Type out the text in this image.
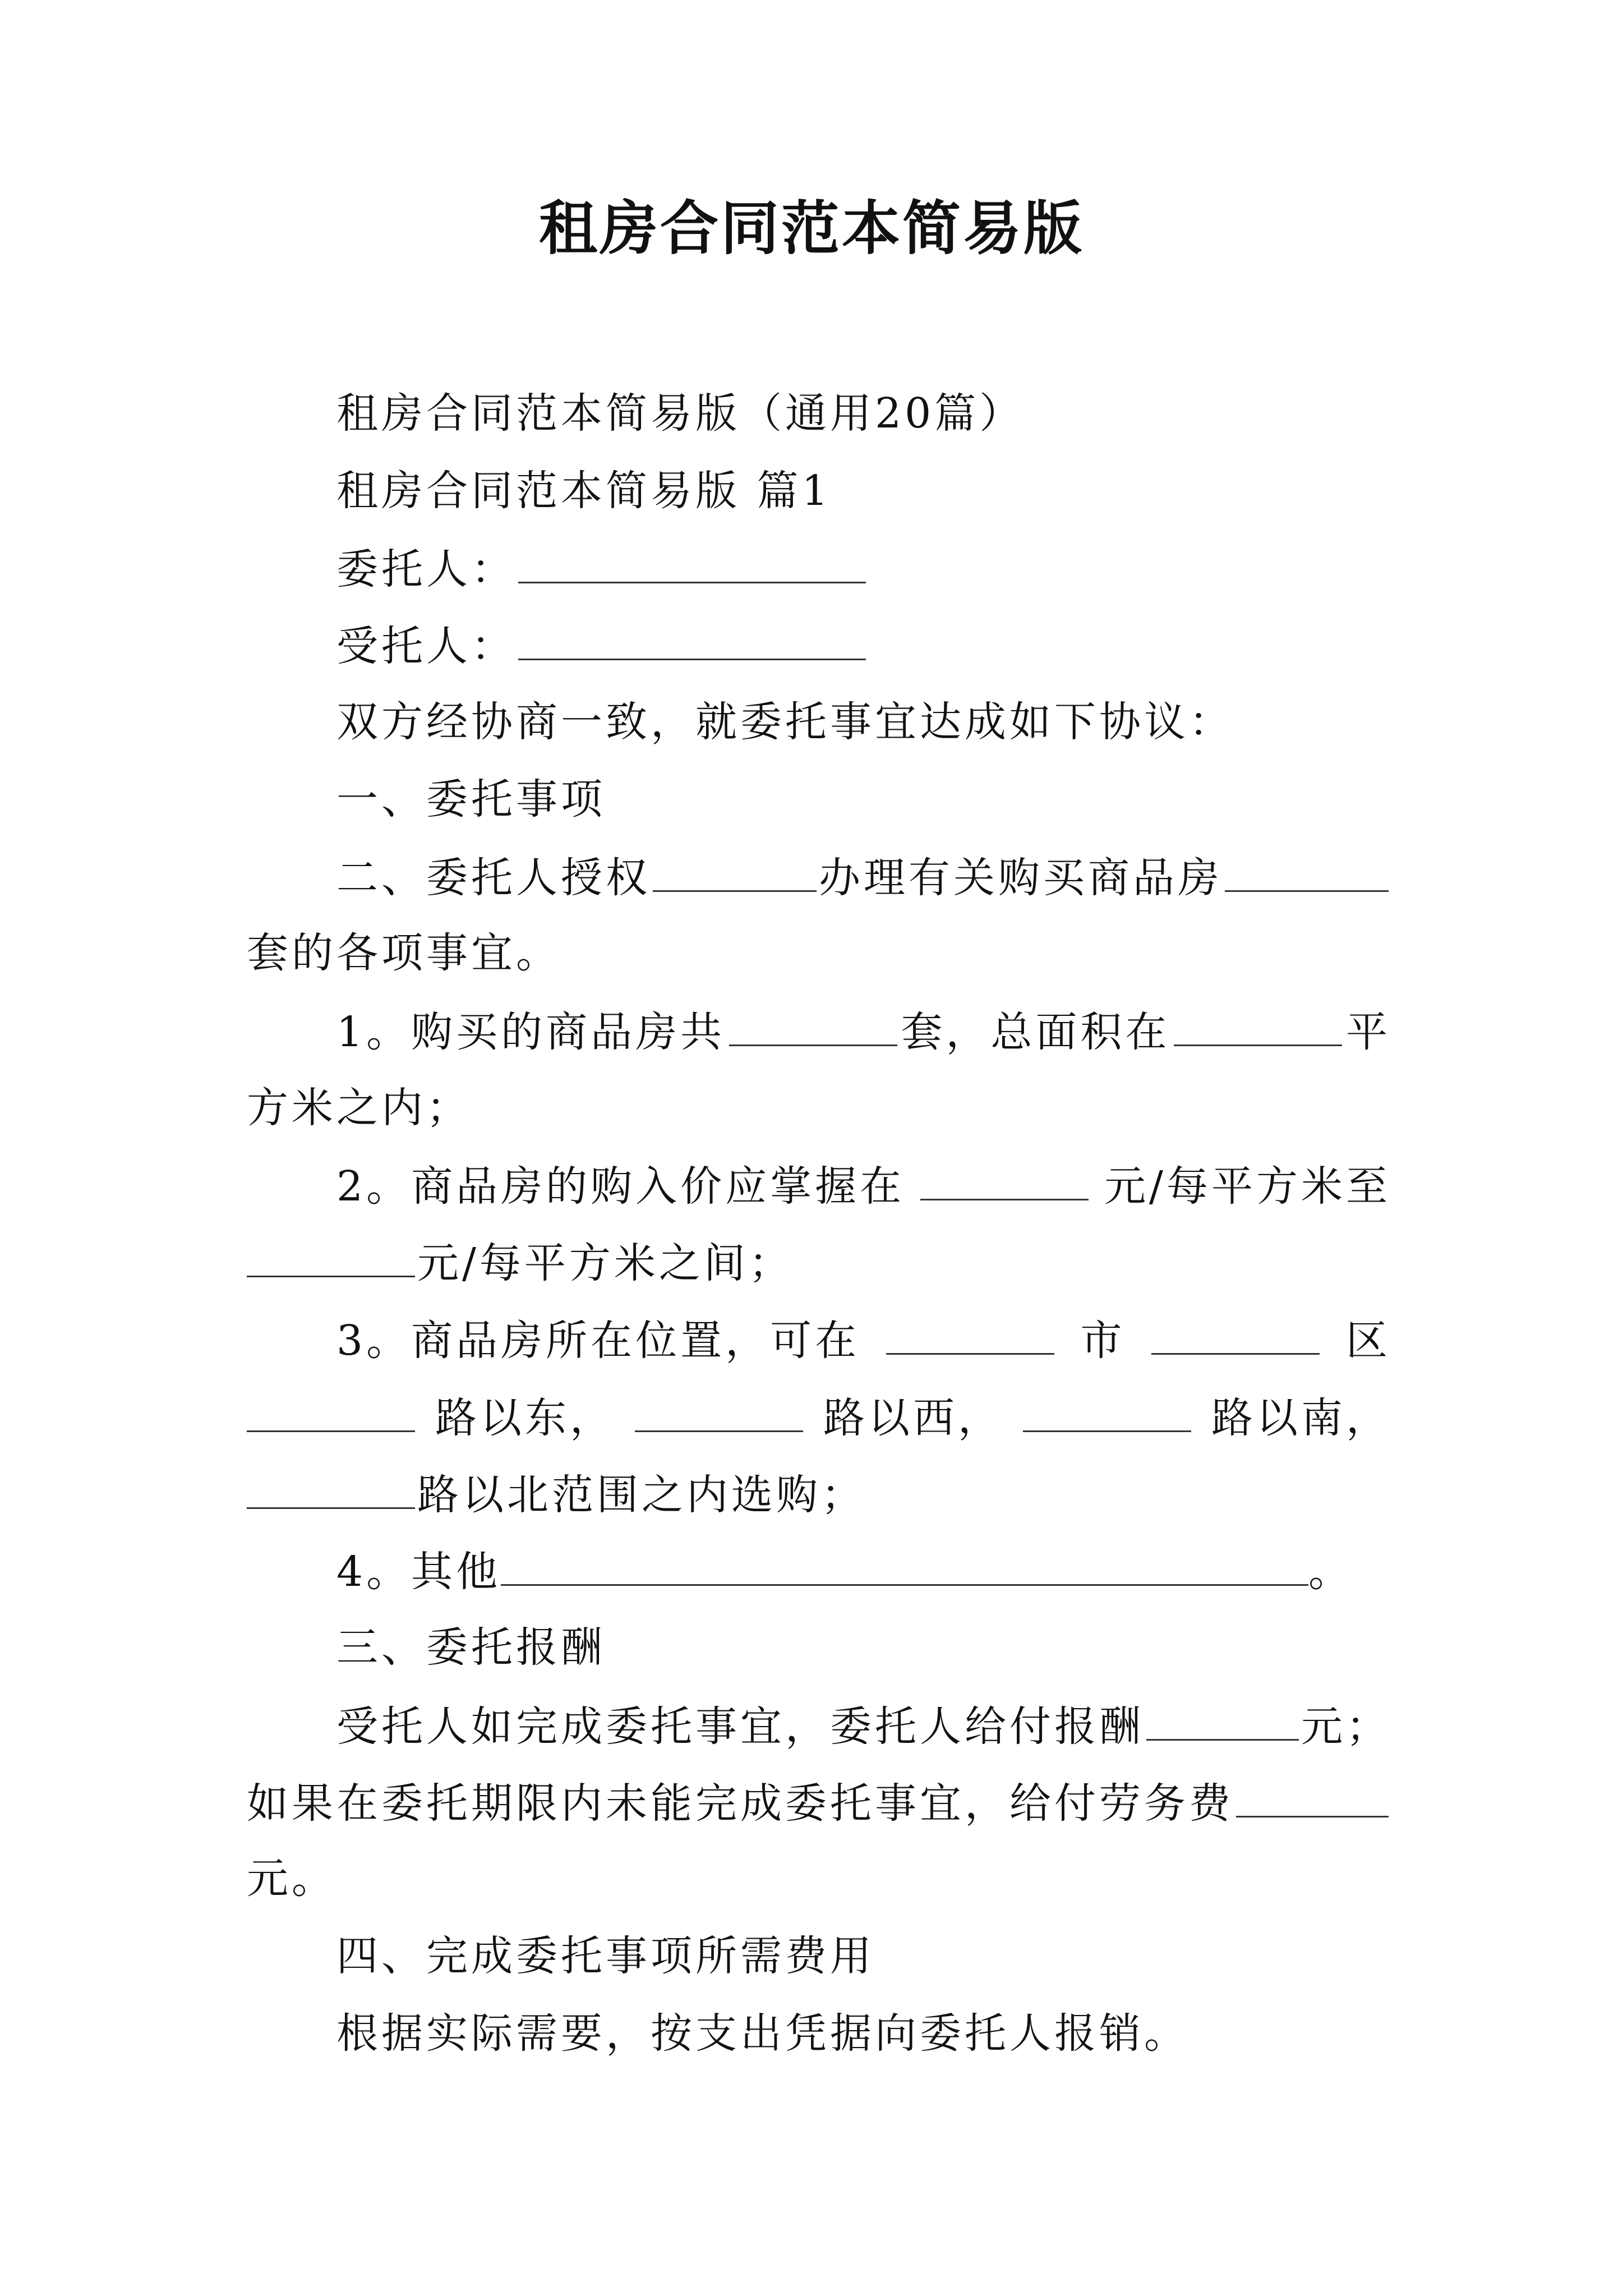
租房合同范本简易版
租房合同范本简易版（通用20篇）
租房合同范本简易版 篇1
委托人：
受托人：
双方经协商一致，就委托事宜达成如下协议：
一、委托事项
二、委托人授权	办理有关购买商品房
套的各项事宜。
1。购买的商品房共	套，总面积在	平
方米之内；
2。商品房的购入价应掌握在	元/每平方米至
元/每平方米之间；
3。商品房所在位置，可在	市	区
路以东，	路以西，	路以南，
路以北范围之内选购；
4。其他	。
三、委托报酬
受托人如完成委托事宜，委托人给付报酬	元；
如果在委托期限内未能完成委托事宜，给付劳务费
元。
四、完成委托事项所需费用
根据实际需要，按支出凭据向委托人报销。
